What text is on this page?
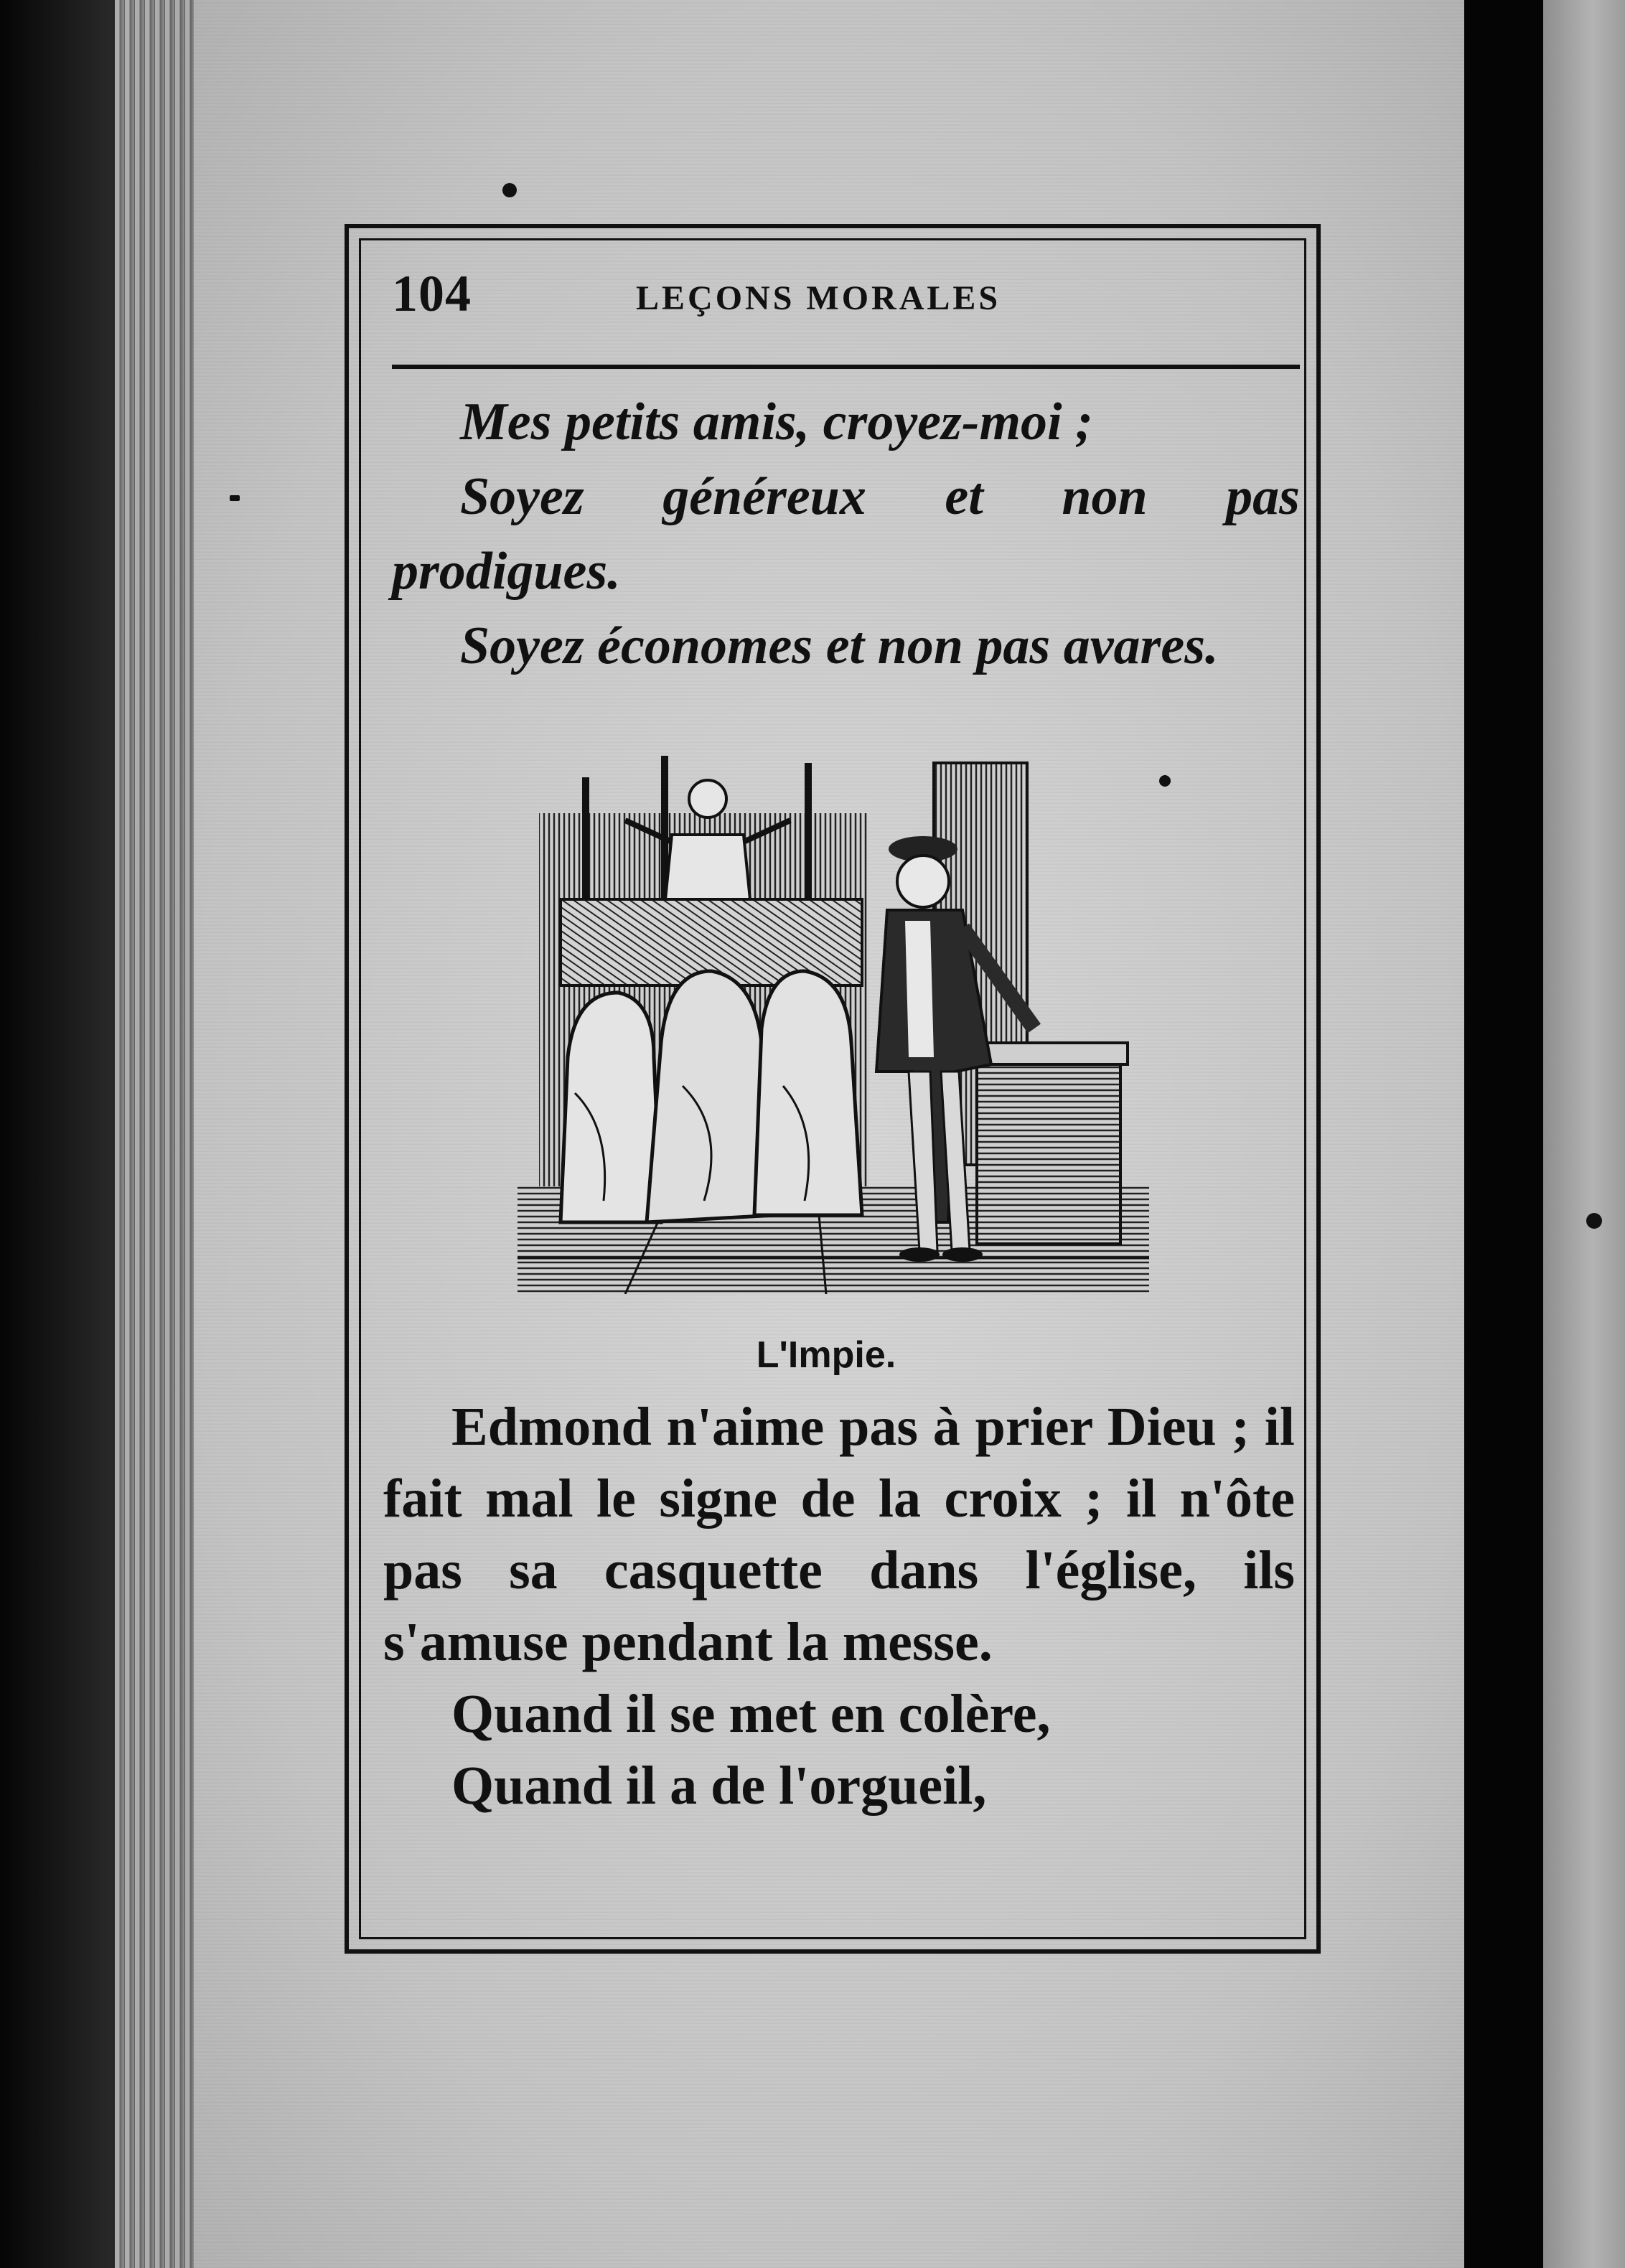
104	LEÇONS MORALES

Mes petits amis, croyez-moi ;

Soyez généreux et non pas

prodigues.

Soyez économes et non pas avares.

L'Impie.

Edmond n'aime pas à prier Dieu ; il fait mal le signe de la croix ; il n'ôte pas sa casquette dans l'église, ils s'amuse pendant la messe.

Quand il se met en colère,

Quand il a de l'orgueil,
